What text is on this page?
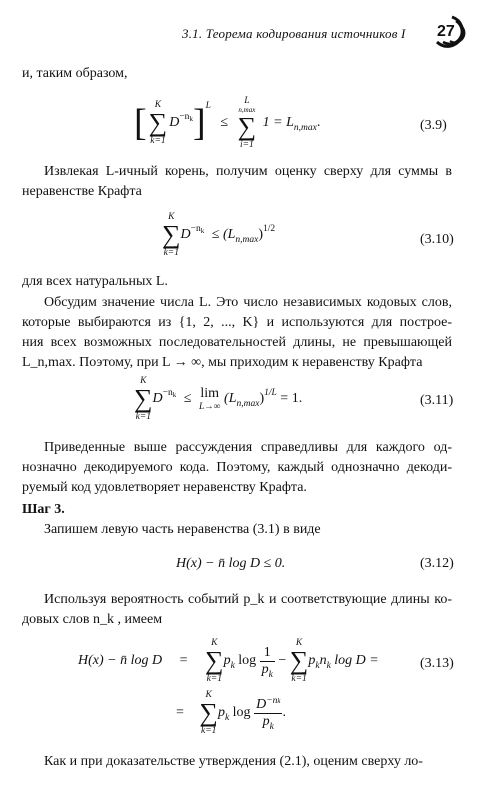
3.1. Теорема кодирования источников I 27
и, таким образом,
[ K
∑
k=1
$D^{-n_k}]^L$ ≤
L
n,max
∑
i=1
$1 = L_{n,max}$.	(3.9)
Извлекая L-ичный корень, получим оценку сверху для суммы в
неравенстве Крафта
K
∑
k=1
$D^{-n_k} \le (L_{n,max})^{1/2}$
(3.10)
для всех натуральных L.
Обсудим значение числа L. Это число независимых кодовых слов,
которые выбираются из {1, 2, ..., K} и используются для построе-
ния всех возможных последовательностей длины, не превышающей
L_n,max. Поэтому, при L → ∞, мы приходим к неравенству Крафта
K
∑
k=1
$D^{-n_k} \le \lim$
L→∞
$(L_{n,max})^{1/L} = 1$.	(3.11)
Приведенные выше рассуждения справедливы для каждого од-
нозначно декодируемого кода. Поэтому, каждый однозначно декоди-
руемый код удовлетворяет неравенству Крафта.
Шаг 3.
Запишем левую часть неравенства (3.1) в виде
H(x) − n̄ log D ≤ 0.	(3.12)
Используя вероятность событий p_k и соответствующие длины ко-
довых слов n_k , имеем
H(x) − n̄ log D =
K
∑
k=1
$p_k$ $\log \frac{1}{p_k}$ −
K
∑
k=1
$p_kn_k$ log D =	(3.13)
=
K
∑
k=1
$p_k$ $\log \frac{D^{-nk}}{p_k}$ .
Как и при доказательстве утверждения (2.1), оценим сверху ло-
